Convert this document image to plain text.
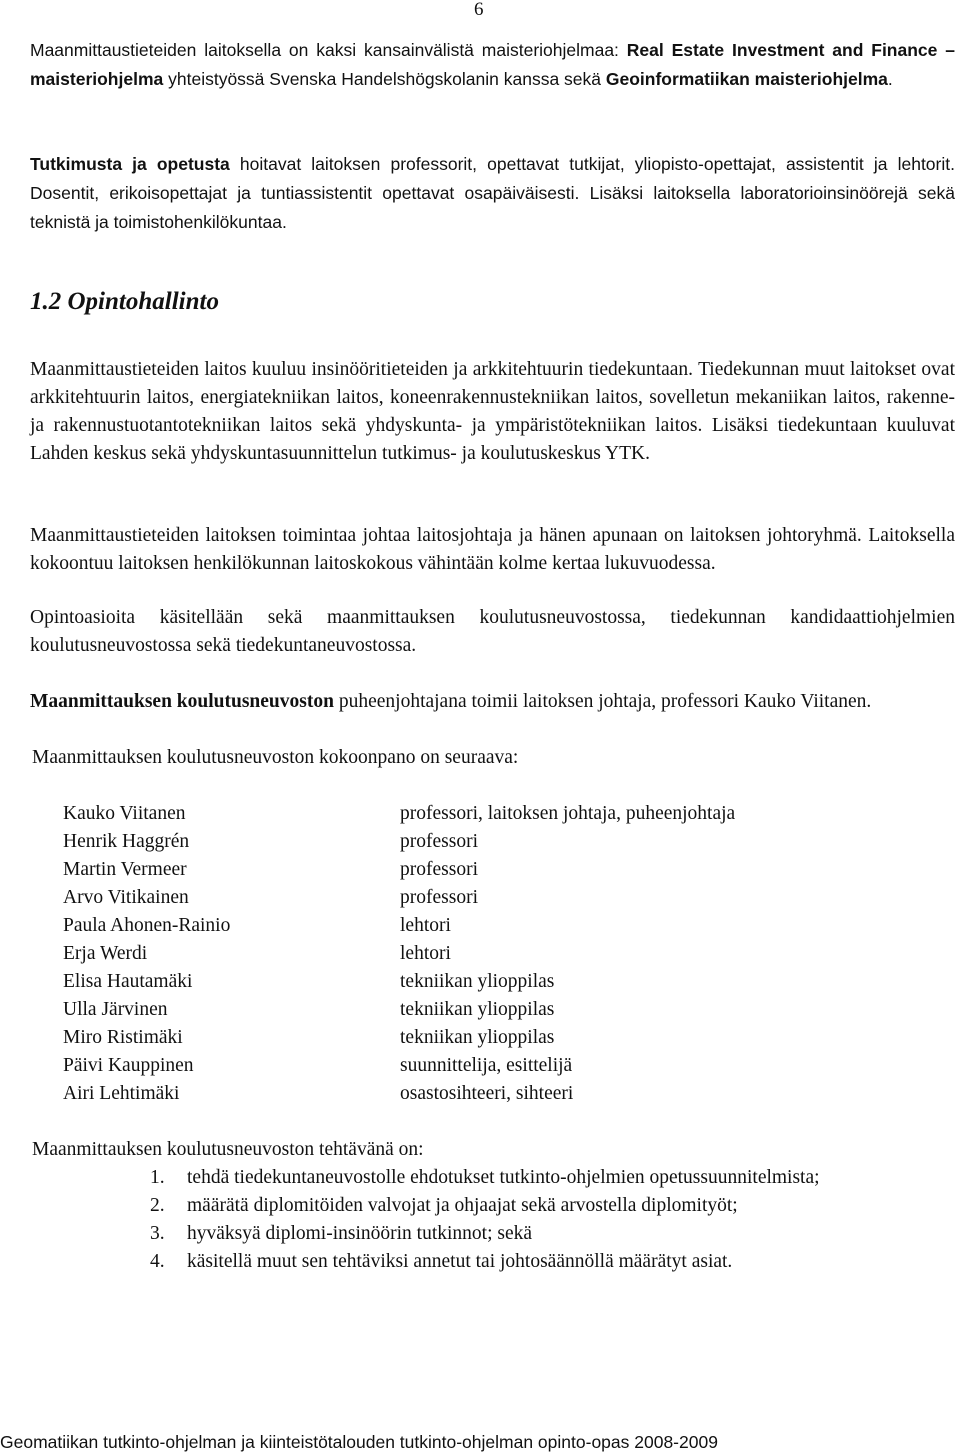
6

Maanmittaustieteiden laitoksella on kaksi kansainvälistä maisteriohjelmaa: Real Estate Investment and Finance –maisteriohjelma yhteistyössä Svenska Handelshögskolanin kanssa sekä Geoinformatiikan maisteriohjelma.

Tutkimusta ja opetusta hoitavat laitoksen professorit, opettavat tutkijat, yliopisto-opettajat, assistentit ja lehtorit. Dosentit, erikoisopettajat ja tuntiassistentit opettavat osapäiväisesti. Lisäksi laitoksella laboratorioinsinöörejä sekä teknistä ja toimistohenkilökuntaa.

1.2 Opintohallinto

Maanmittaustieteiden laitos kuuluu insinööritieteiden ja arkkitehtuurin tiedekuntaan. Tiedekunnan muut laitokset ovat arkkitehtuurin laitos, energiatekniikan laitos, koneenrakennustekniikan laitos, sovelletun mekaniikan laitos, rakenne- ja rakennustuotantotekniikan laitos sekä yhdyskunta- ja ympäristötekniikan laitos. Lisäksi tiedekuntaan kuuluvat Lahden keskus sekä yhdyskuntasuunnittelun tutkimus- ja koulutuskeskus YTK.

Maanmittaustieteiden laitoksen toimintaa johtaa laitosjohtaja ja hänen apunaan on laitoksen johtoryhmä. Laitoksella kokoontuu laitoksen henkilökunnan laitoskokous vähintään kolme kertaa lukuvuodessa.

Opintoasioita käsitellään sekä maanmittauksen koulutusneuvostossa, tiedekunnan kandidaattiohjelmien koulutusneuvostossa sekä tiedekuntaneuvostossa.

Maanmittauksen koulutusneuvoston puheenjohtajana toimii laitoksen johtaja, professori Kauko Viitanen.

Maanmittauksen koulutusneuvoston kokoonpano on seuraava:

Kauko Viitanen	professori, laitoksen johtaja, puheenjohtaja
Henrik Haggrén	professori
Martin Vermeer	professori
Arvo Vitikainen	professori
Paula Ahonen-Rainio	lehtori
Erja Werdi	lehtori
Elisa Hautamäki	tekniikan ylioppilas
Ulla Järvinen	tekniikan ylioppilas
Miro Ristimäki	tekniikan ylioppilas
Päivi Kauppinen	suunnittelija, esittelijä
Airi Lehtimäki	osastosihteeri, sihteeri

Maanmittauksen koulutusneuvoston tehtävänä on:

1. tehdä tiedekuntaneuvostolle ehdotukset tutkinto-ohjelmien opetussuunnitelmista;
2. määrätä diplomitöiden valvojat ja ohjaajat sekä arvostella diplomityöt;
3. hyväksyä diplomi-insinöörin tutkinnot; sekä
4. käsitellä muut sen tehtäviksi annetut tai johtosäännöllä määrätyt asiat.
Geomatiikan tutkinto-ohjelman ja kiinteistötalouden tutkinto-ohjelman opinto-opas 2008-2009
